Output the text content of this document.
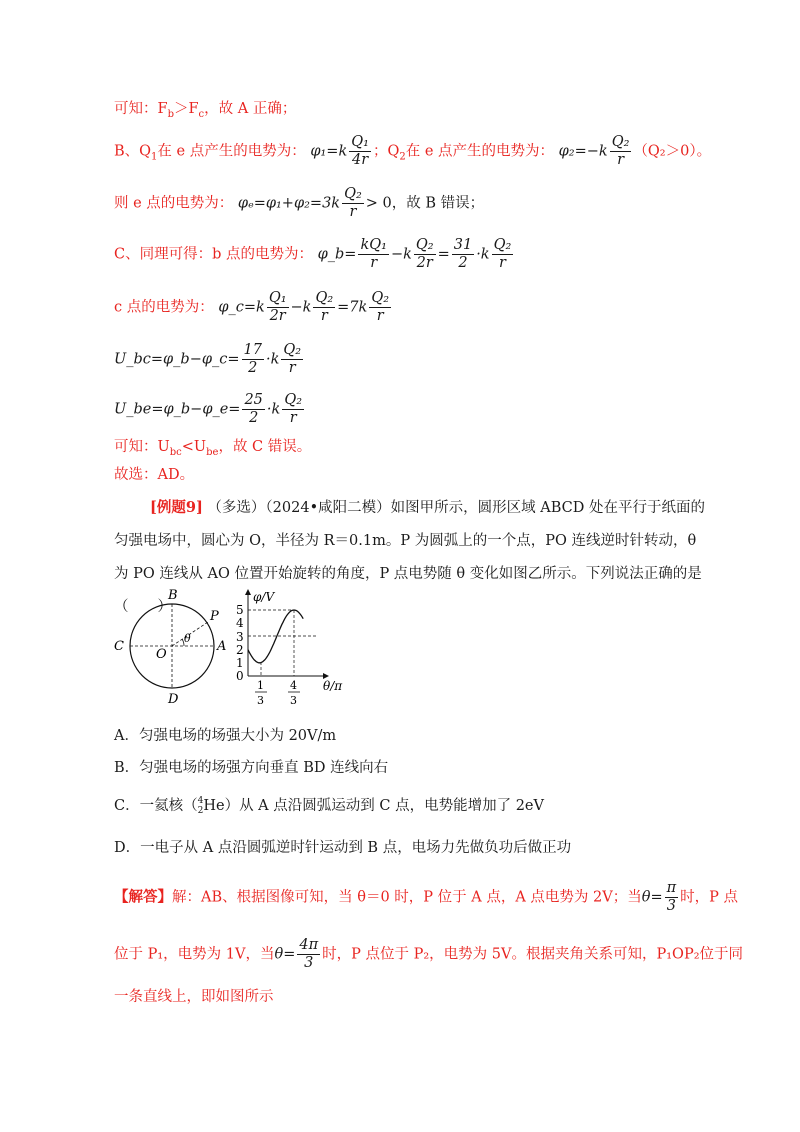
可知：$F_b>F_c$，故 A 正确；
B、$Q_1$在 e 点产生的电势为： $\varphi_1=k \frac{\text{Q₁}}{4r}$ ；$Q_2$在 e 点产生的电势为： $\varphi_2=-k \frac{\text{Q₂}}{r} (Q_2>0)$。
则 e 点的电势为： $\varphi_e=\varphi_1+\varphi_2=3k \frac{\text{Q₂}}{r} > 0$，故 B 错误；
C、同理可得：b 点的电势为： φ_b= $\frac{\text{kQ₁}}{r} -k \frac{\text{Q₂}}{2r} = \frac{31}{2} \cdot k \frac{\text{Q₂}}{r}$
c 点的电势为： φ_c=k $\frac{\text{Q₁}}{2r} -k \frac{\text{Q₂}}{r} =7k \frac{\text{Q₂}}{r}$
U_bc=φ_b−φ_c= $\frac{17}{2} \cdot k \frac{\text{Q₂}}{r}$
U_be=φ_b−φ_e= $\frac{25}{2} \cdot k \frac{\text{Q₂}}{r}$
可知：$U_{bc}<U_{be}$，故 C 错误。
故选：AD。
[例题9] （多选）（2024•咸阳二模）如图甲所示，圆形区域 ABCD 处在平行于纸面的匀强电场中，圆心为 O，半径为 R＝0.1m。P 为圆弧上的一个点，PO 连线逆时针转动，θ 为 PO 连线从 AO 位置开始旋转的角度，P 点电势随 θ 变化如图乙所示。下列说法正确的是（　　）
B
P
θ
C
O
A
D
φ/V
θ/π
5
4
3
2
1
0
1
3
4
3
A．匀强电场的场强大小为 20V/m
B．匀强电场的场强方向垂直 BD 连线向右
C．一氦核（ 4
2 He）从 A 点沿圆弧运动到 C 点，电势能增加了 2eV
D．一电子从 A 点沿圆弧逆时针运动到 B 点，电场力先做负功后做正功
【解答】解：AB、根据图像可知，当 θ＝0 时，P 位于 A 点，A 点电势为 2V；当$\theta= \frac{\pi}{3}$ 时，P 点
位于 P₁，电势为 1V，当$\theta= \frac{4\pi}{3}$ 时，P 点位于 P₂，电势为 5V。根据夹角关系可知，P₁OP₂位于同
一条直线上，即如图所示
